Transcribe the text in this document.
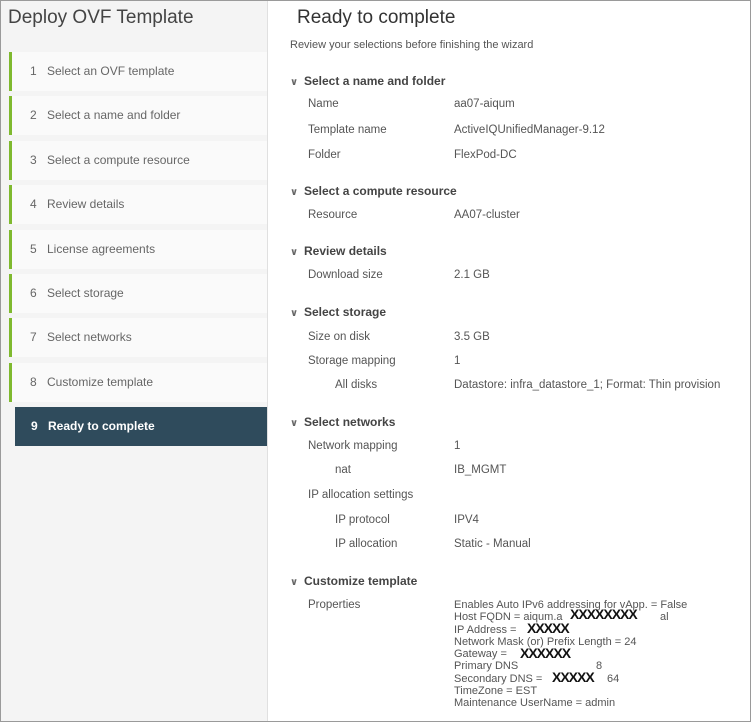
Deploy OVF Template
1 Select an OVF template
2 Select a name and folder
3 Select a compute resource
4 Review details
5 License agreements
6 Select storage
7 Select networks
8 Customize template
9 Ready to complete
Ready to complete
Review your selections before finishing the wizard
∨ Select a name and folder
Name	aa07-aiqum
Template name	ActiveIQUnifiedManager-9.12
Folder	FlexPod-DC
∨ Select a compute resource
Resource	AA07-cluster
∨ Review details
Download size	2.1 GB
∨ Select storage
Size on disk	3.5 GB
Storage mapping	1
All disks	Datastore: infra_datastore_1; Format: Thin provision
∨ Select networks
Network mapping	1
nat	IB_MGMT
IP allocation settings
IP protocol	IPV4
IP allocation	Static - Manual
∨ Customize template
Properties	Enables Auto IPv6 addressing for vApp. = False
Host FQDN = aiqum.a XXXXXXXX al
IP Address = XXXXX
Network Mask (or) Prefix Length = 24
Gateway = XXXXXX
Primary DNS	8
Secondary DNS = XXXXX 64
TimeZone = EST
Maintenance UserName = admin
